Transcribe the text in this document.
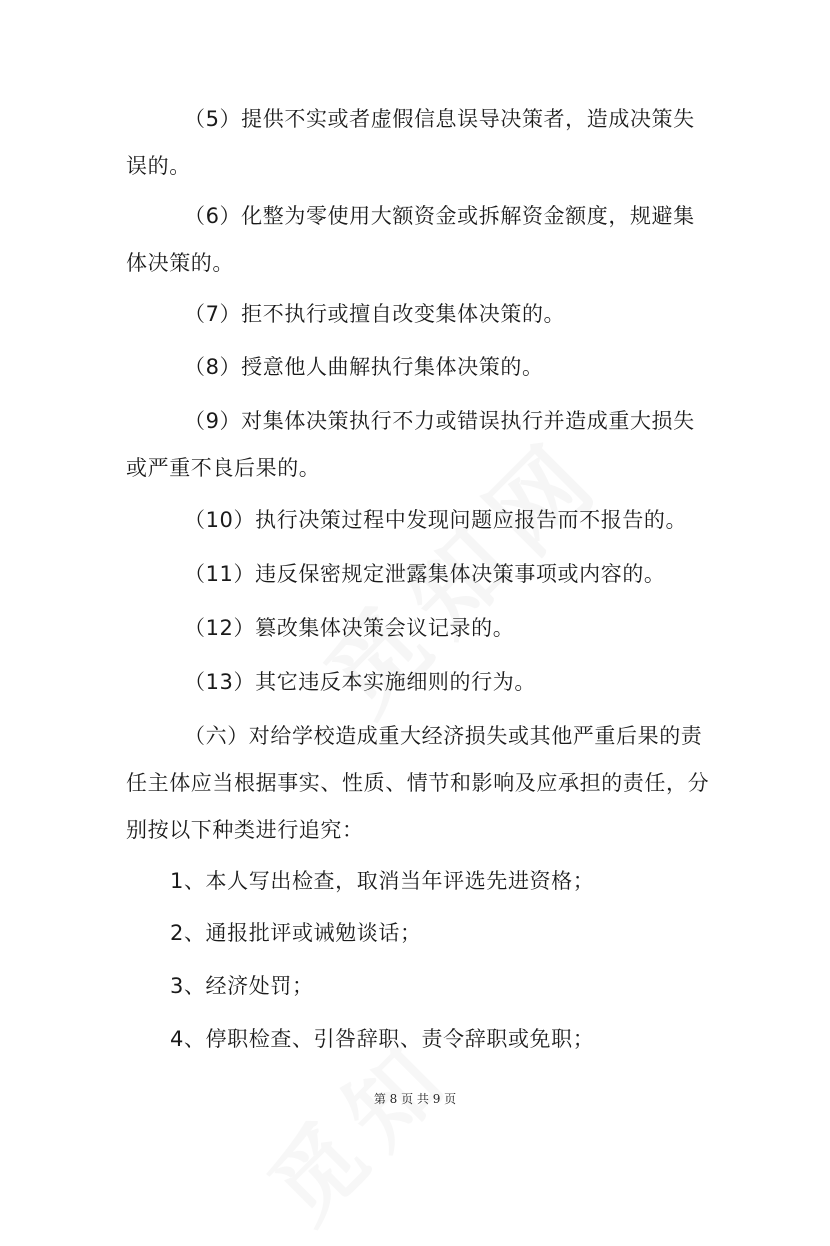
（5）提供不实或者虚假信息误导决策者，造成决策失误的。

（6）化整为零使用大额资金或拆解资金额度，规避集体决策的。

（7）拒不执行或擅自改变集体决策的。

（8）授意他人曲解执行集体决策的。

（9）对集体决策执行不力或错误执行并造成重大损失或严重不良后果的。

（10）执行决策过程中发现问题应报告而不报告的。

（11）违反保密规定泄露集体决策事项或内容的。

（12）篡改集体决策会议记录的。

（13）其它违反本实施细则的行为。

（六）对给学校造成重大经济损失或其他严重后果的责任主体应当根据事实、性质、情节和影响及应承担的责任，分别按以下种类进行追究：

1、本人写出检查，取消当年评选先进资格；

2、通报批评或诫勉谈话；

3、经济处罚；

4、停职检查、引咎辞职、责令辞职或免职；

第 8 页 共 9 页
